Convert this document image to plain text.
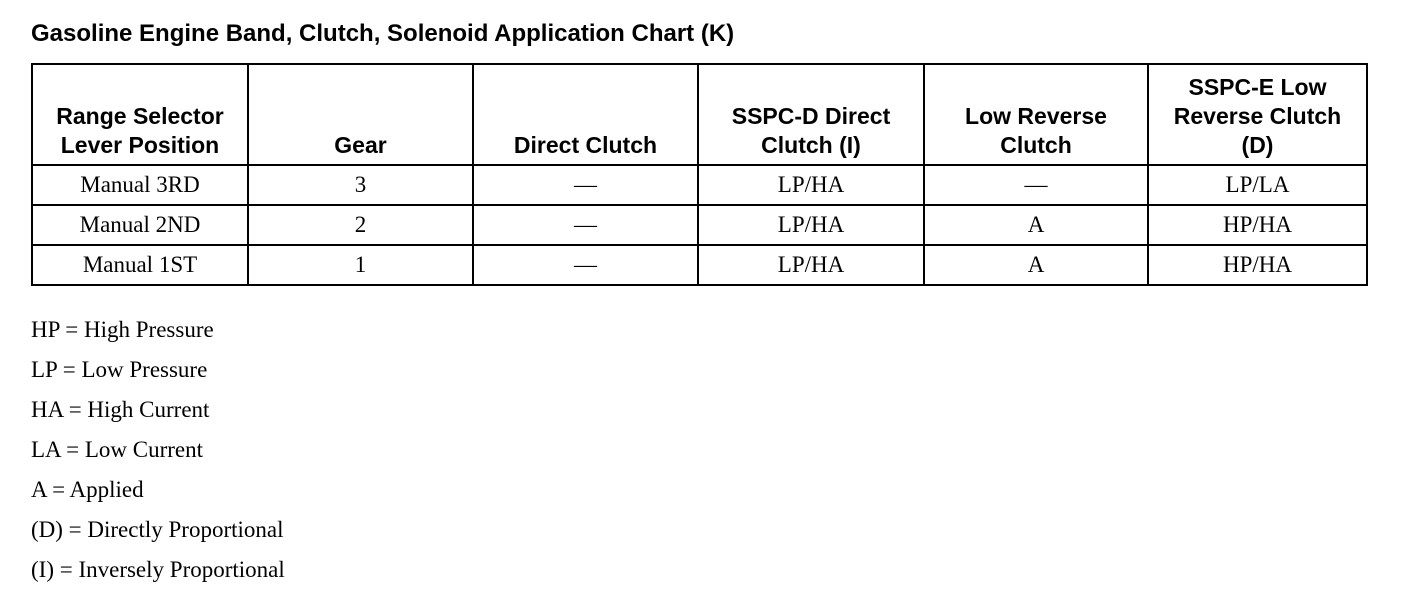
Gasoline Engine Band, Clutch, Solenoid Application Chart (K)
Range Selector Lever Position	Gear	Direct Clutch	SSPC-D Direct Clutch (I)	Low Reverse Clutch	SSPC-E Low Reverse Clutch (D)
Manual 3RD	3	—	LP/HA	—	LP/LA
Manual 2ND	2	—	LP/HA	A	HP/HA
Manual 1ST	1	—	LP/HA	A	HP/HA
HP = High Pressure
LP = Low Pressure
HA = High Current
LA = Low Current
A = Applied
(D) = Directly Proportional
(I) = Inversely Proportional
